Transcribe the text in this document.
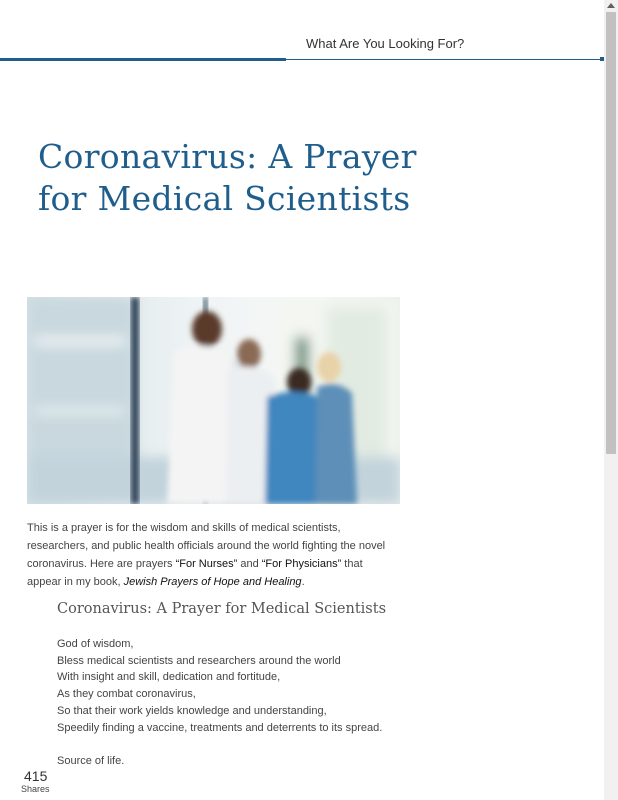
What Are You Looking For?
Coronavirus: A Prayer for Medical Scientists

This is a prayer is for the wisdom and skills of medical scientists, researchers, and public health officials around the world fighting the novel coronavirus. Here are prayers “For Nurses” and “For Physicians” that appear in my book, Jewish Prayers of Hope and Healing.

Coronavirus: A Prayer for Medical Scientists
God of wisdom,
Bless medical scientists and researchers around the world
With insight and skill, dedication and fortitude,
As they combat coronavirus,
So that their work yields knowledge and understanding,
Speedily finding a vaccine, treatments and deterrents to its spread.
Source of life.
415
Shares
